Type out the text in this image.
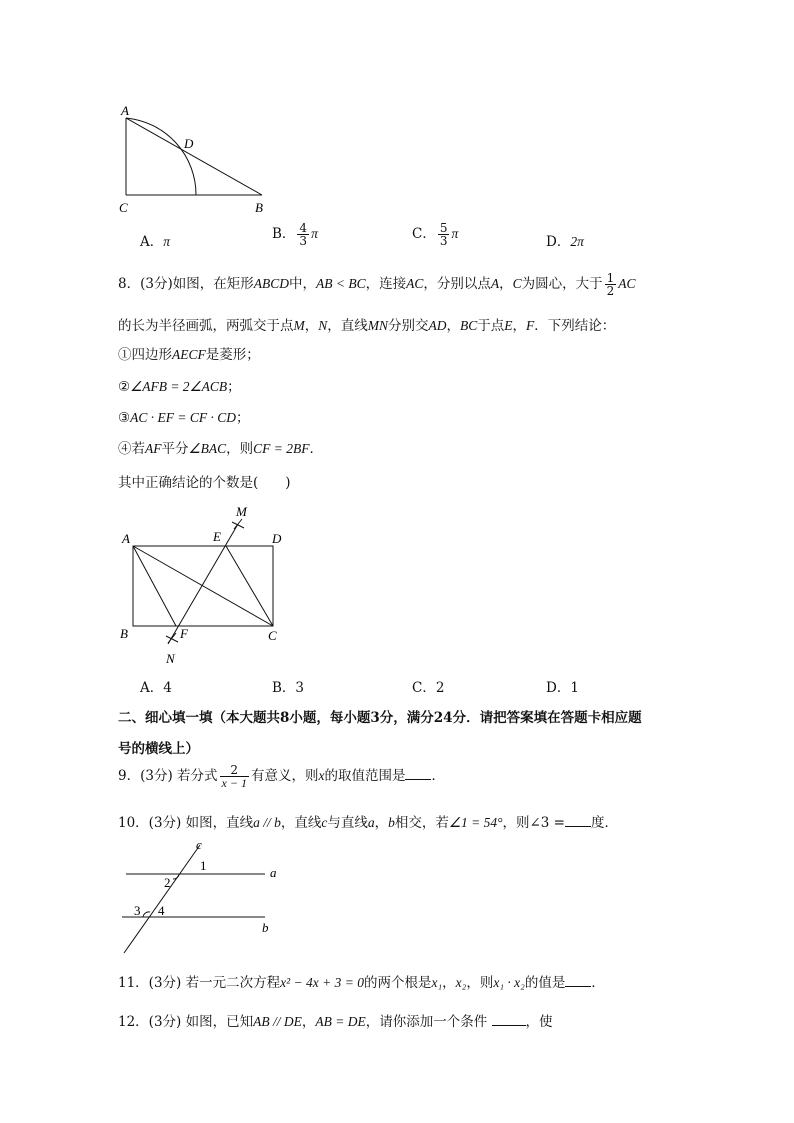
A
D
C	B
A．π	B． $\frac{4}{3}$ π	C． $\frac{5}{3}$ π
D．2π
8．(3分)如图，在矩形ABCD中，AB < BC，连接AC，分别以点A，C为圆心，大于 $\frac{1}{2}$ AC
的长为半径画弧，两弧交于点M，N，直线MN分别交AD，BC于点E，F．下列结论：
①四边形AECF是菱形；
②∠AFB = 2∠ACB；
③AC · EF = CF · CD；
④若AF平分∠BAC，则CF = 2BF．
其中正确结论的个数是(　　)
M
A	E	D
B	F	C
N
A．4	B．3	C．2	D．1
二、细心填一填（本大题共8小题，每小题3分，满分24分．请把答案填在答题卡相应题
号的横线上）
9．(3分) 若分式 $\frac{2}{x - 1}$ 有意义，则x的取值范围是 ．
10．(3分) 如图，直线a // b，直线c与直线a，b相交，若∠1 = 54°，则∠3 = 度．
c
1	a
2
3 4
b
11．(3分) 若一元二次方程x² − 4x + 3 = 0的两个根是x₁，x₂，则x₁ · x₂的值是 ．
12．(3分) 如图，已知AB // DE，AB = DE，请你添加一个条件	，使
